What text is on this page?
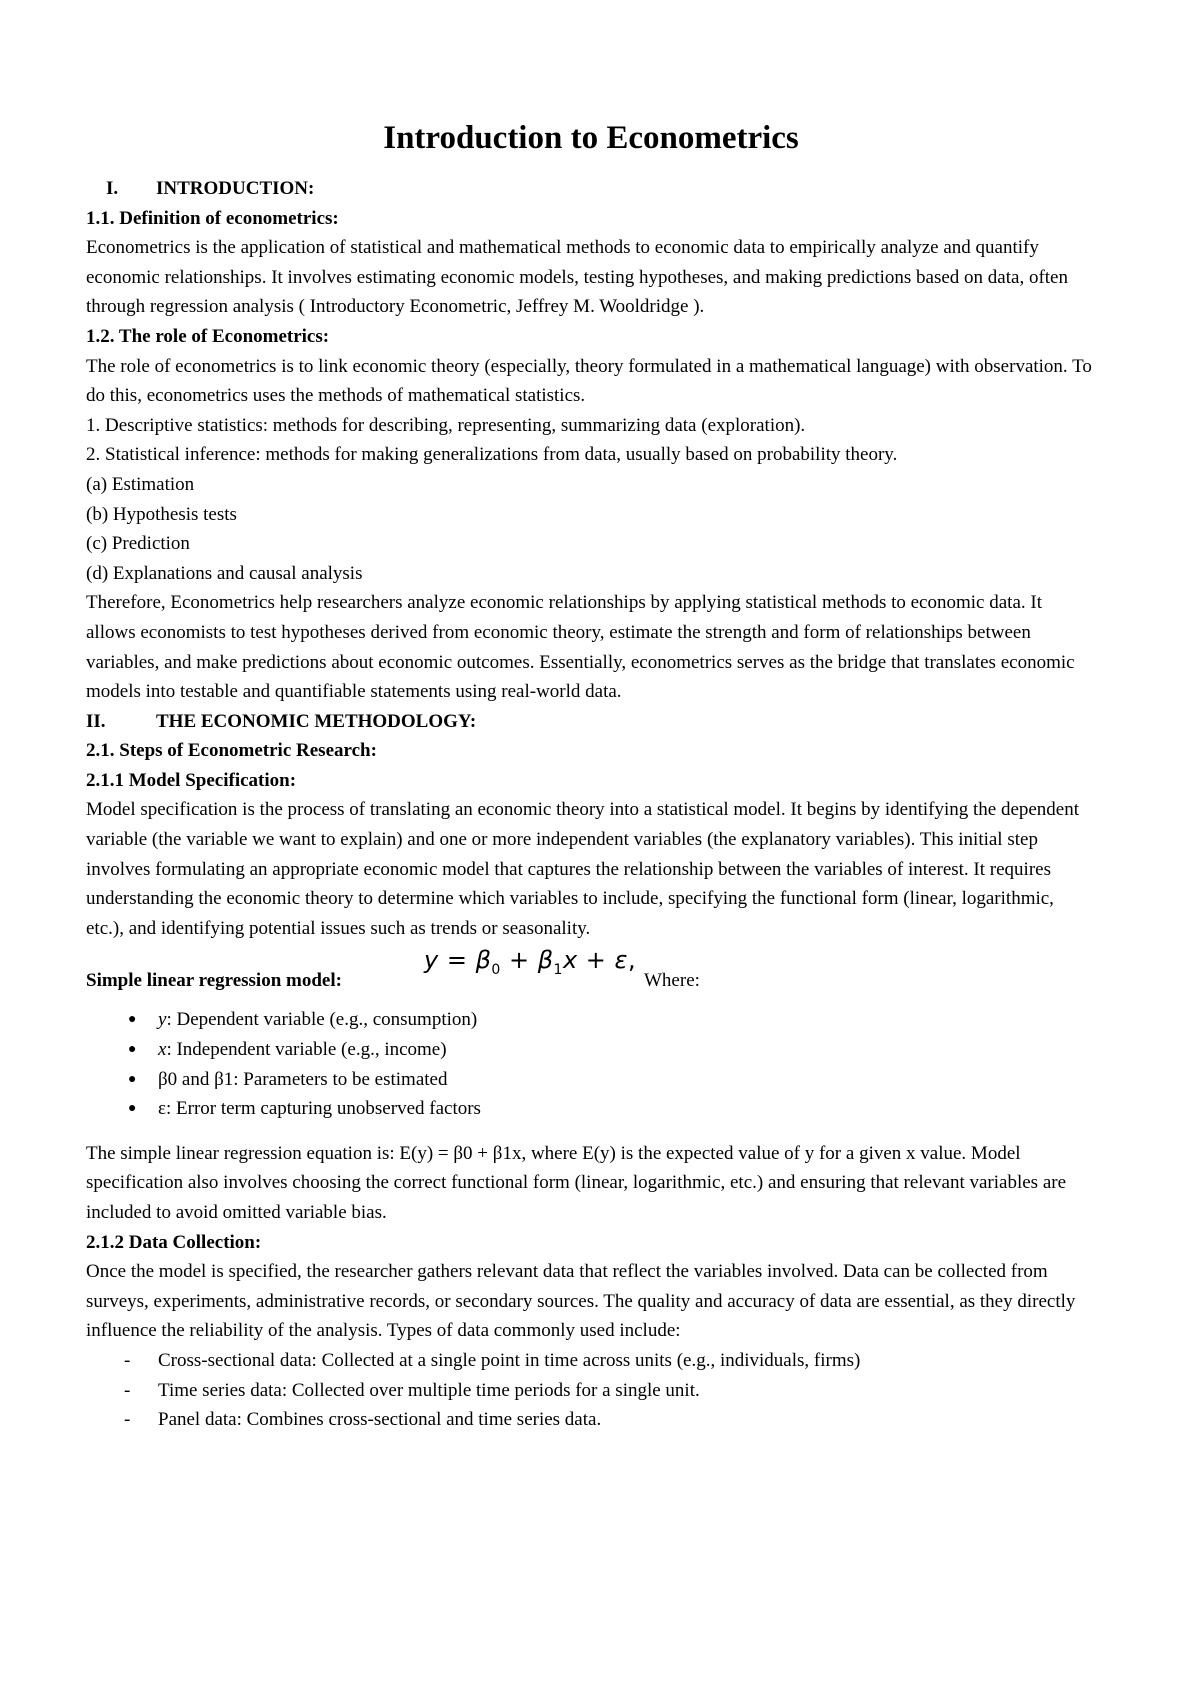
Introduction to Econometrics
I.	INTRODUCTION:
1.1. Definition of econometrics:

Econometrics is the application of statistical and mathematical methods to economic data to empirically analyze and quantify economic relationships. It involves estimating economic models, testing hypotheses, and making predictions based on data, often through regression analysis ( Introductory Econometric, Jeffrey M. Wooldridge ).

1.2. The role of Econometrics:

The role of econometrics is to link economic theory (especially, theory formulated in a mathematical language) with observation. To do this, econometrics uses the methods of mathematical statistics.

1. Descriptive statistics: methods for describing, representing, summarizing data (exploration).

2. Statistical inference: methods for making generalizations from data, usually based on probability theory.

(a) Estimation

(b) Hypothesis tests

(c) Prediction

(d) Explanations and causal analysis

Therefore, Econometrics help researchers analyze economic relationships by applying statistical methods to economic data. It allows economists to test hypotheses derived from economic theory, estimate the strength and form of relationships between variables, and make predictions about economic outcomes. Essentially, econometrics serves as the bridge that translates economic models into testable and quantifiable statements using real-world data.

II.	THE ECONOMIC METHODOLOGY:
2.1. Steps of Econometric Research:
2.1.1 Model Specification:

Model specification is the process of translating an economic theory into a statistical model. It begins by identifying the dependent variable (the variable we want to explain) and one or more independent variables (the explanatory variables). This initial step involves formulating an appropriate economic model that captures the relationship between the variables of interest. It requires understanding the economic theory to determine which variables to include, specifying the functional form (linear, logarithmic, etc.), and identifying potential issues such as trends or seasonality.

Simple linear regression model:
$y = \beta_0 + \beta_1x + \varepsilon$,
Where:
●	y: Dependent variable (e.g., consumption)
●	x: Independent variable (e.g., income)
●	β0 and β1: Parameters to be estimated
●	ε: Error term capturing unobserved factors

The simple linear regression equation is: E(y) = β0 + β1x, where E(y) is the expected value of y for a given x value. Model specification also involves choosing the correct functional form (linear, logarithmic, etc.) and ensuring that relevant variables are included to avoid omitted variable bias.

2.1.2 Data Collection:

Once the model is specified, the researcher gathers relevant data that reflect the variables involved. Data can be collected from surveys, experiments, administrative records, or secondary sources. The quality and accuracy of data are essential, as they directly influence the reliability of the analysis. Types of data commonly used include:

-	Cross-sectional data: Collected at a single point in time across units (e.g., individuals, firms)
-	Time series data: Collected over multiple time periods for a single unit.
-	Panel data: Combines cross-sectional and time series data.
